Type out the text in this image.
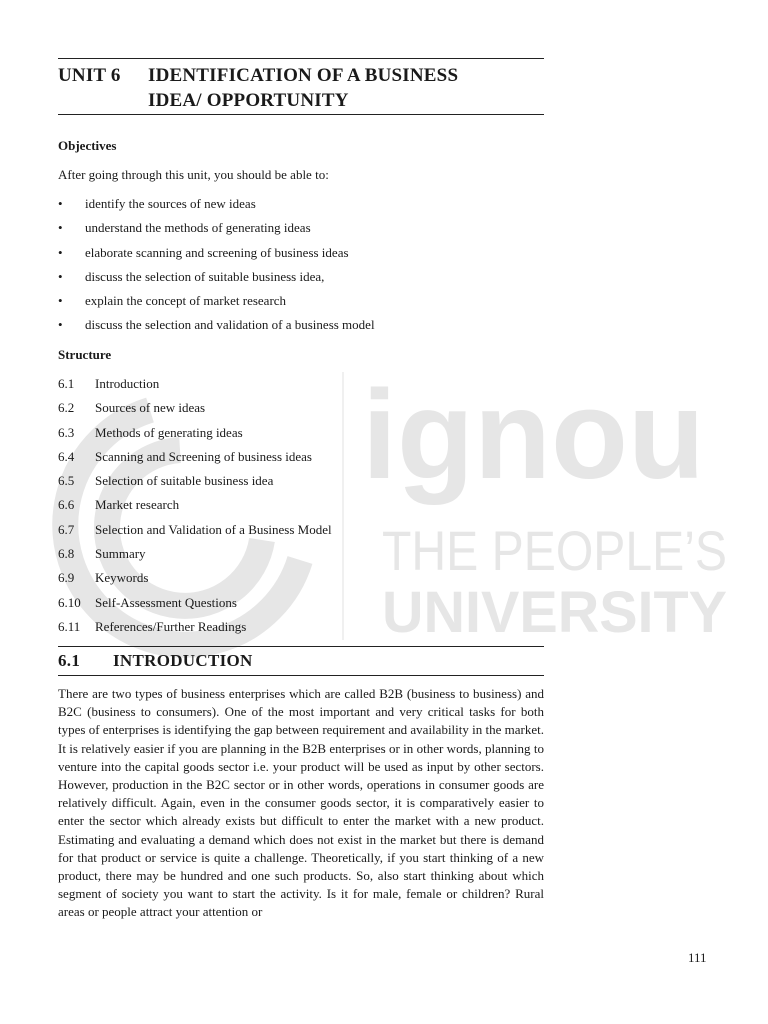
ignou
THE PEOPLE’S
UNIVERSITY
UNIT 6 IDENTIFICATION OF A BUSINESS
IDEA/ OPPORTUNITY
Objectives
After going through this unit, you should be able to:
• identify the sources of new ideas
• understand the methods of generating ideas
• elaborate scanning and screening of business ideas
• discuss the selection of suitable business idea,
• explain the concept of market research
• discuss the selection and validation of a business model
Structure
6.1 Introduction
6.2 Sources of new ideas
6.3 Methods of generating ideas
6.4 Scanning and Screening of business ideas
6.5 Selection of suitable business idea
6.6 Market research
6.7 Selection and Validation of a Business Model
6.8 Summary
6.9 Keywords
6.10 Self-Assessment Questions
6.11 References/Further Readings
6.1 INTRODUCTION

There are two types of business enterprises which are called B2B (business to business) and B2C (business to consumers). One of the most important and very critical tasks for both types of enterprises is identifying the gap between requirement and availability in the market. It is relatively easier if you are planning in the B2B enterprises or in other words, planning to venture into the capital goods sector i.e. your product will be used as input by other sectors. However, production in the B2C sector or in other words, operations in consumer goods are relatively difficult. Again, even in the consumer goods sector, it is comparatively easier to enter the sector which already exists but difficult to enter the market with a new product. Estimating and evaluating a demand which does not exist in the market but there is demand for that product or service is quite a challenge. Theoretically, if you start thinking of a new product, there may be hundred and one such products. So, also start thinking about which segment of society you want to start the activity. Is it for male, female or children? Rural areas or people attract your attention or

111
